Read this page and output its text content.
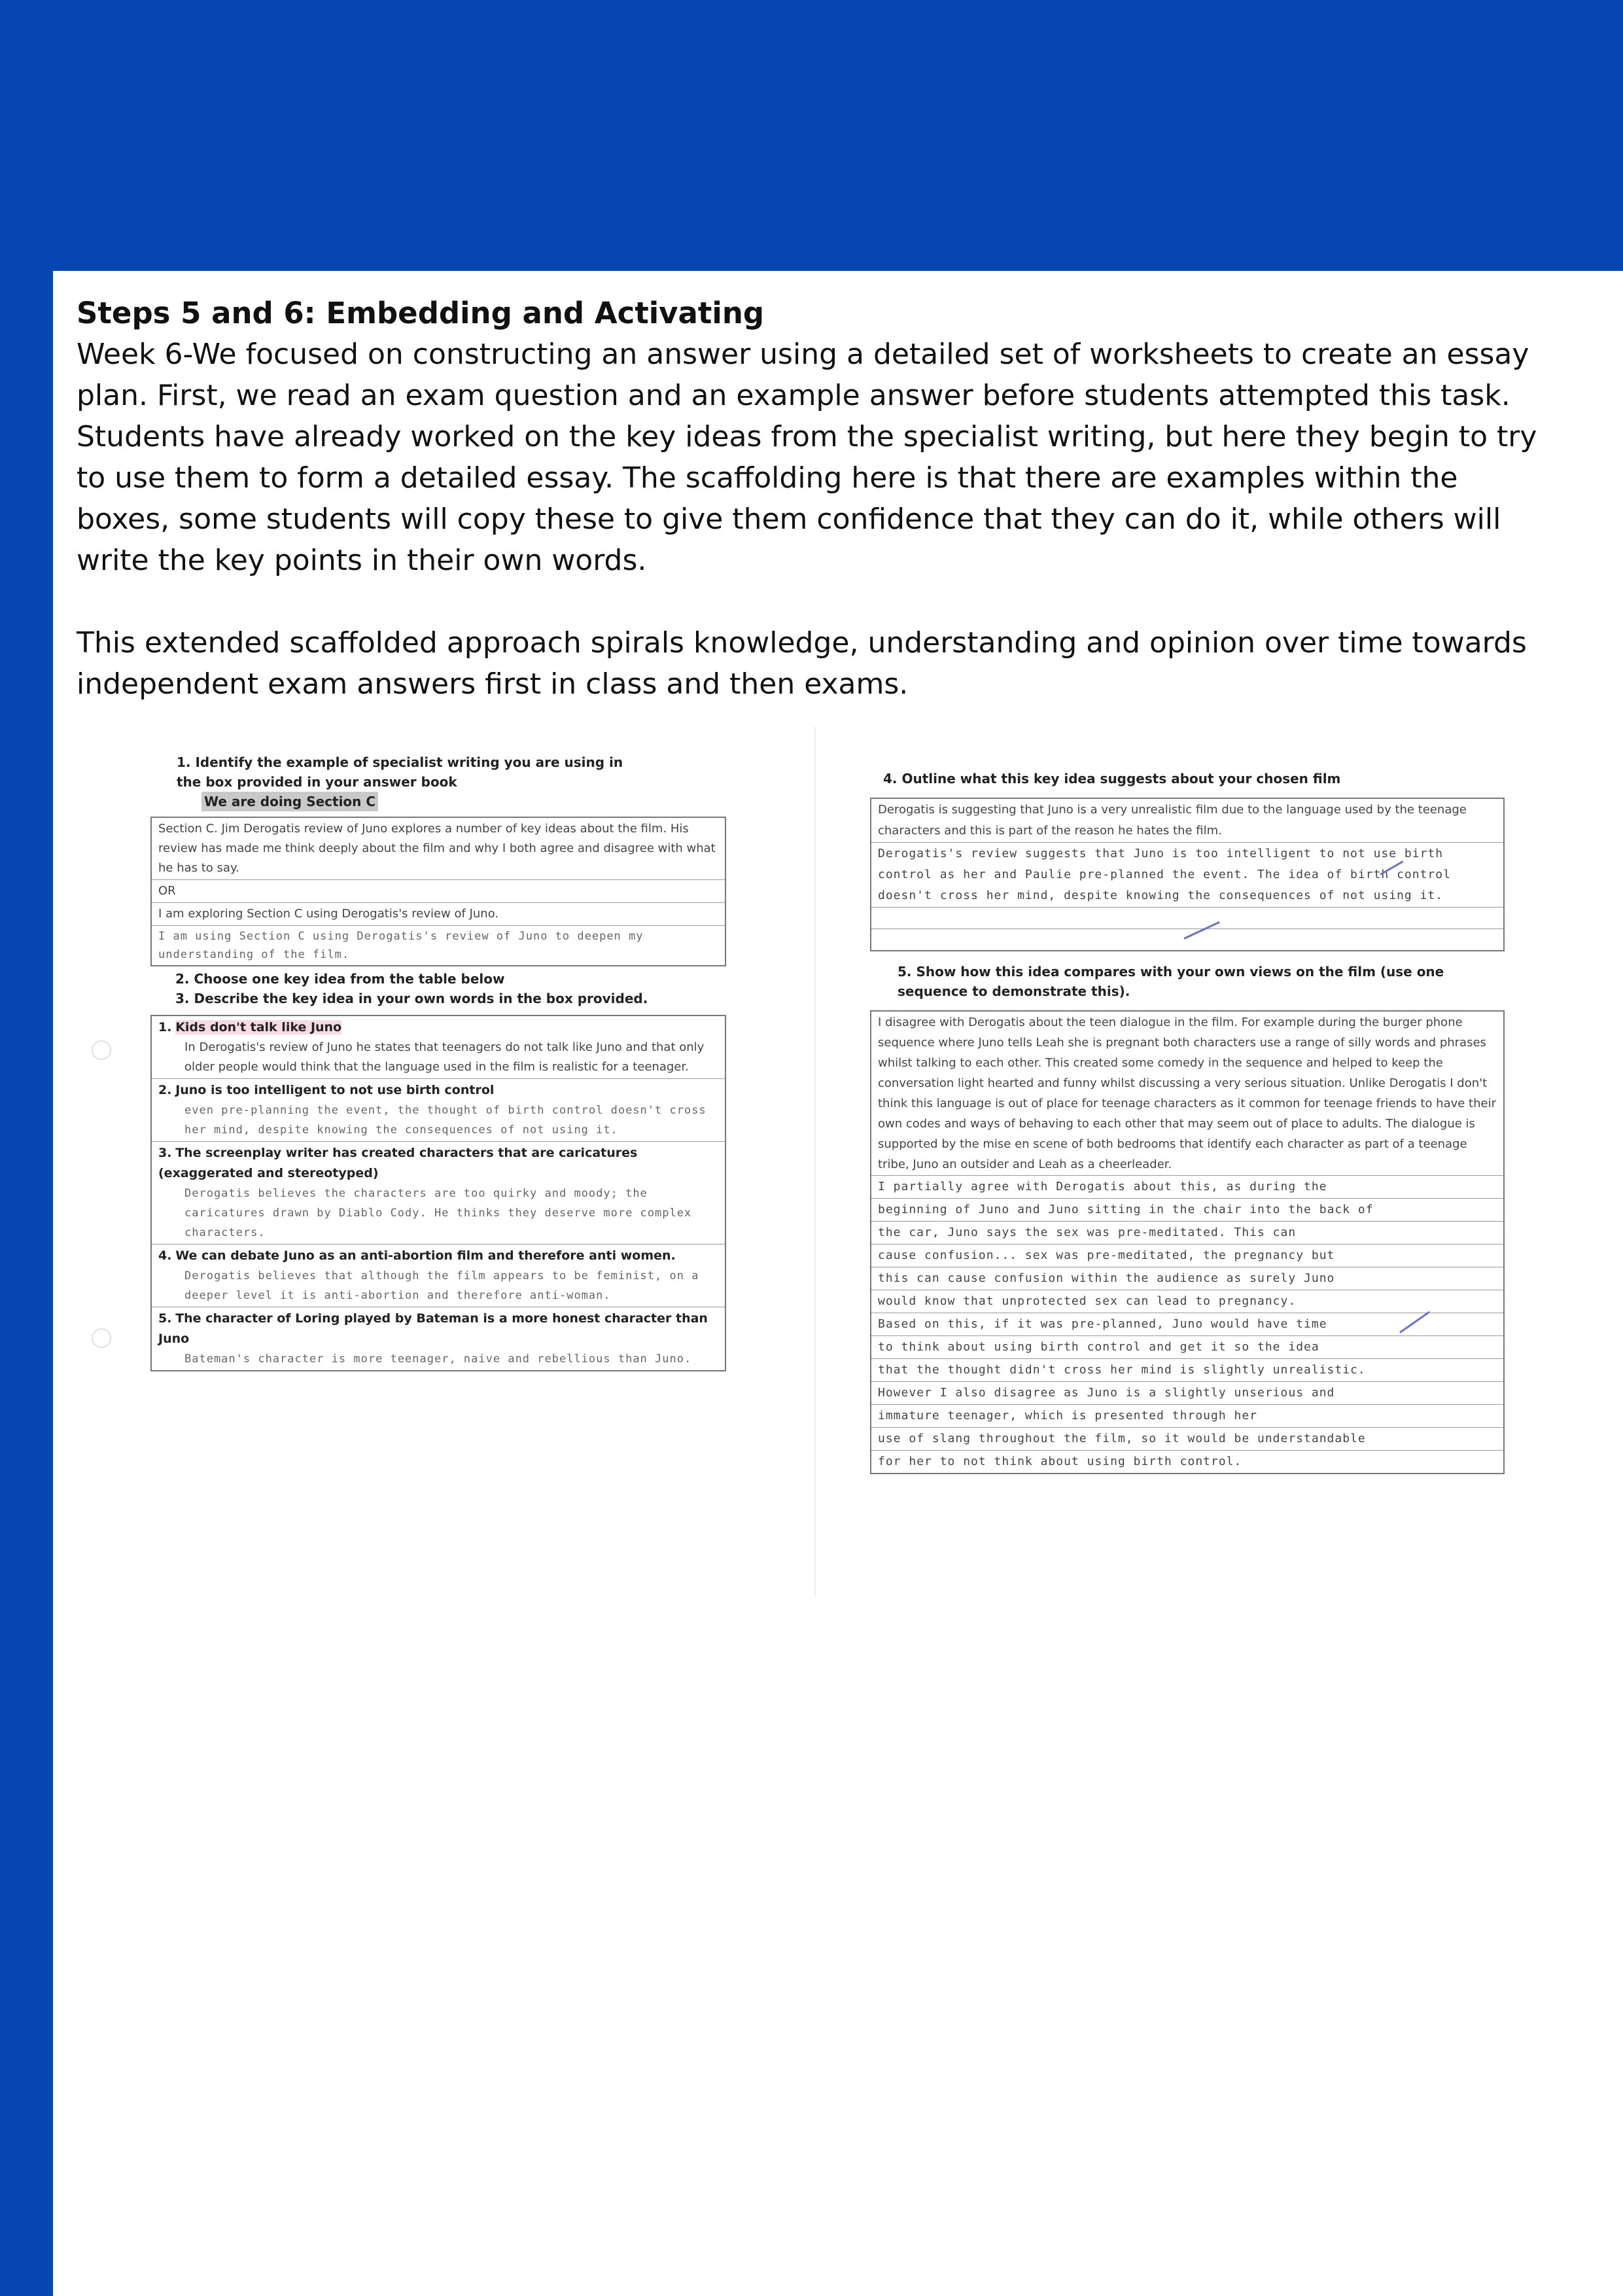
Steps 5 and 6: Embedding and Activating

Week 6-We focused on constructing an answer using a detailed set of worksheets to create an essay plan. First, we read an exam question and an example answer before students attempted this task. Students have already worked on the key ideas from the specialist writing, but here they begin to try to use them to form a detailed essay. The scaffolding here is that there are examples within the boxes, some students will copy these to give them confidence that they can do it, while others will write the key points in their own words.

This extended scaffolded approach spirals knowledge, understanding and opinion over time towards independent exam answers first in class and then exams.

1. Identify the example of specialist writing you are using in the box provided in your answer book

We are doing Section C

Section C. Jim Derogatis review of Juno explores a number of key ideas about the film. His review has made me think deeply about the film and why I both agree and disagree with what he has to say.
OR
I am exploring Section C using Derogatis's review of Juno.
I am using Section C using Derogatis's review of Juno to deepen my understanding of the film.

2. Choose one key idea from the table below

3. Describe the key idea in your own words in the box provided.

1. Kids don't talk like Juno
In Derogatis's review of Juno he states that teenagers do not talk like Juno and that only older people would think that the language used in the film is realistic for a teenager.
2. Juno is too intelligent to not use birth control
even pre-planning the event, the thought of birth control doesn't cross her mind, despite knowing the consequences of not using it.
3. The screenplay writer has created characters that are caricatures (exaggerated and stereotyped)
Derogatis believes the characters are too quirky and moody; the caricatures drawn by Diablo Cody. He thinks they deserve more complex characters.
4. We can debate Juno as an anti-abortion film and therefore anti women.
Derogatis believes that although the film appears to be feminist, on a deeper level it is anti-abortion and therefore anti-woman.
5. The character of Loring played by Bateman is a more honest character than Juno
Bateman's character is more teenager, naive and rebellious than Juno.

4. Outline what this key idea suggests about your chosen film

Derogatis is suggesting that Juno is a very unrealistic film due to the language used by the teenage characters and this is part of the reason he hates the film.
Derogatis's review suggests that Juno is too intelligent to not use birth control as her and Paulie pre-planned the event. The idea of birth control doesn't cross her mind, despite knowing the consequences of not using it.

5. Show how this idea compares with your own views on the film (use one sequence to demonstrate this).

I disagree with Derogatis about the teen dialogue in the film. For example during the burger phone sequence where Juno tells Leah she is pregnant both characters use a range of silly words and phrases whilst talking to each other. This created some comedy in the sequence and helped to keep the conversation light hearted and funny whilst discussing a very serious situation. Unlike Derogatis I don't think this language is out of place for teenage characters as it common for teenage friends to have their own codes and ways of behaving to each other that may seem out of place to adults. The dialogue is supported by the mise en scene of both bedrooms that identify each character as part of a teenage tribe, Juno an outsider and Leah as a cheerleader.
I partially agree with Derogatis about this, as during the
beginning of Juno and Juno sitting in the chair into the back of
the car, Juno says the sex was pre-meditated. This can
cause confusion... sex was pre-meditated, the pregnancy but
this can cause confusion within the audience as surely Juno
would know that unprotected sex can lead to pregnancy.
Based on this, if it was pre-planned, Juno would have time
to think about using birth control and get it so the idea
that the thought didn't cross her mind is slightly unrealistic.
However I also disagree as Juno is a slightly unserious and
immature teenager, which is presented through her
use of slang throughout the film, so it would be understandable
for her to not think about using birth control.
